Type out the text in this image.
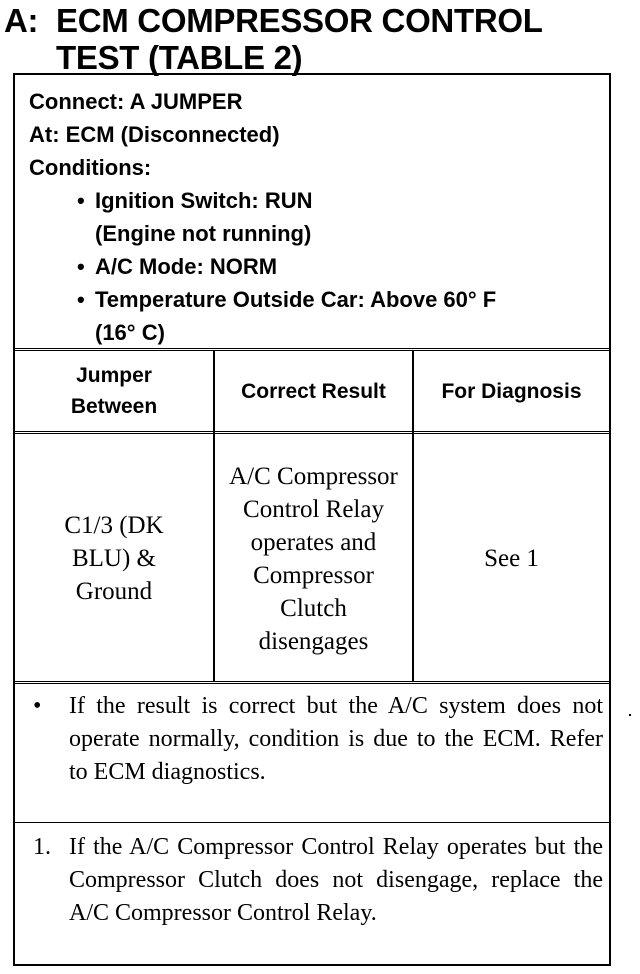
A: ECM COMPRESSOR CONTROL
TEST (TABLE 2)
Connect: A JUMPER
At: ECM (Disconnected)
Conditions:
• Ignition Switch: RUN
(Engine not running)
• A/C Mode: NORM
• Temperature Outside Car: Above 60° F
(16° C)
Jumper Between
Correct Result	For Diagnosis
C1/3 (DK BLU) & Ground
A/C Compressor Control Relay operates and Compressor Clutch disengages
See 1
• If the result is correct but the A/C system does not operate normally, condition is due to the ECM. Refer to ECM diagnostics.
1. If the A/C Compressor Control Relay operates but the Compressor Clutch does not disengage, replace the A/C Compressor Control Relay.
